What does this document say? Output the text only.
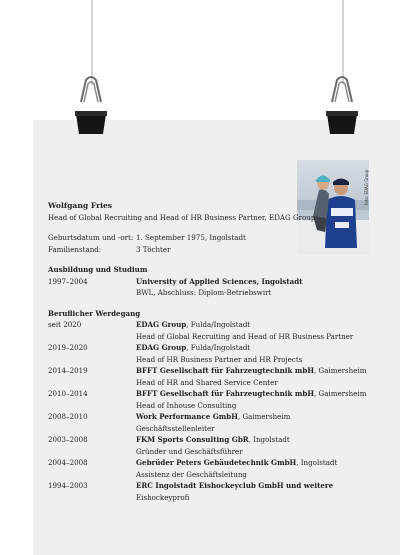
foto: EDAG Group
Wolfgang Fries
Head of Global Recruiting and Head of HR Business Partner, EDAG Group
Geburtsdatum und -ort: 1. September 1975, Ingolstadt
Familienstand:	3 Töchter
Ausbildung und Studium
1997–2004	University of Applied Sciences, Ingolstadt
BWL, Abschluss: Diplom-Betriebswirt
Beruflicher Werdegang
seit 2020	EDAG Group, Fulda/Ingolstadt
Head of Global Recruiting and Head of HR Business Partner
2019–2020	EDAG Group, Fulda/Ingolstadt
Head of HR Business Partner and HR Projects
2014–2019	BFFT Gesellschaft für Fahrzeugtechnik mbH, Gaimersheim
Head of HR and Shared Service Center
2010–2014	BFFT Gesellschaft für Fahrzeugtechnik mbH, Gaimersheim
Head of Inhouse Consulting
2008–2010	Work Performance GmbH, Gaimersheim
Geschäftsstellenleiter
2003–2008	FKM Sports Consulting GbR, Ingolstadt
Gründer und Geschäftsführer
2004–2008	Gebrüder Peters Gebäudetechnik GmbH, Ingolstadt
Assistenz der Geschäftsleitung
1994–2003	ERC Ingolstadt Eishockeyclub GmbH und weitere
Eishockeyprofi
